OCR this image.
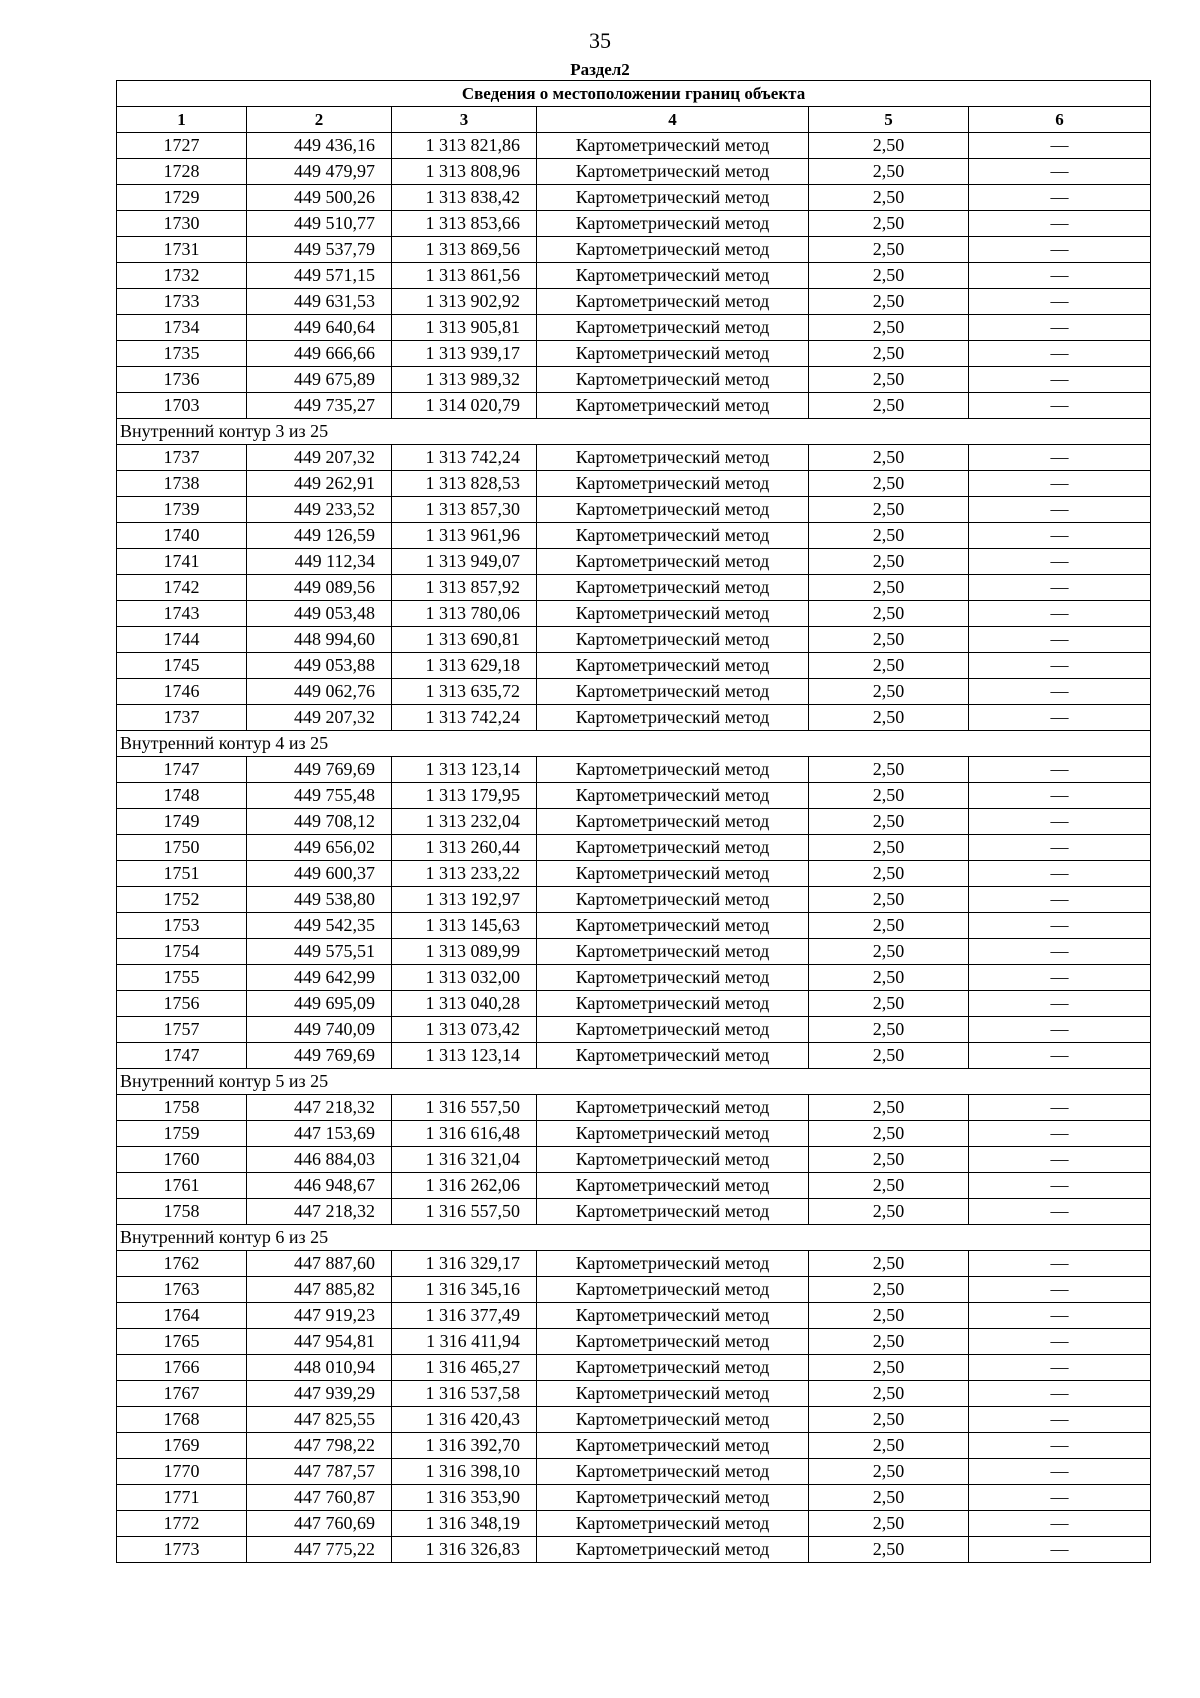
35
Раздел2
Сведения о местоположении границ объекта					
1	2	3	4	5	6
1727	449 436,16	1 313 821,86	Картометрический метод	2,50	—
1728	449 479,97	1 313 808,96	Картометрический метод	2,50	—
1729	449 500,26	1 313 838,42	Картометрический метод	2,50	—
1730	449 510,77	1 313 853,66	Картометрический метод	2,50	—
1731	449 537,79	1 313 869,56	Картометрический метод	2,50	—
1732	449 571,15	1 313 861,56	Картометрический метод	2,50	—
1733	449 631,53	1 313 902,92	Картометрический метод	2,50	—
1734	449 640,64	1 313 905,81	Картометрический метод	2,50	—
1735	449 666,66	1 313 939,17	Картометрический метод	2,50	—
1736	449 675,89	1 313 989,32	Картометрический метод	2,50	—
1703	449 735,27	1 314 020,79	Картометрический метод	2,50	—
Внутренний контур 3 из 25					
1737	449 207,32	1 313 742,24	Картометрический метод	2,50	—
1738	449 262,91	1 313 828,53	Картометрический метод	2,50	—
1739	449 233,52	1 313 857,30	Картометрический метод	2,50	—
1740	449 126,59	1 313 961,96	Картометрический метод	2,50	—
1741	449 112,34	1 313 949,07	Картометрический метод	2,50	—
1742	449 089,56	1 313 857,92	Картометрический метод	2,50	—
1743	449 053,48	1 313 780,06	Картометрический метод	2,50	—
1744	448 994,60	1 313 690,81	Картометрический метод	2,50	—
1745	449 053,88	1 313 629,18	Картометрический метод	2,50	—
1746	449 062,76	1 313 635,72	Картометрический метод	2,50	—
1737	449 207,32	1 313 742,24	Картометрический метод	2,50	—
Внутренний контур 4 из 25					
1747	449 769,69	1 313 123,14	Картометрический метод	2,50	—
1748	449 755,48	1 313 179,95	Картометрический метод	2,50	—
1749	449 708,12	1 313 232,04	Картометрический метод	2,50	—
1750	449 656,02	1 313 260,44	Картометрический метод	2,50	—
1751	449 600,37	1 313 233,22	Картометрический метод	2,50	—
1752	449 538,80	1 313 192,97	Картометрический метод	2,50	—
1753	449 542,35	1 313 145,63	Картометрический метод	2,50	—
1754	449 575,51	1 313 089,99	Картометрический метод	2,50	—
1755	449 642,99	1 313 032,00	Картометрический метод	2,50	—
1756	449 695,09	1 313 040,28	Картометрический метод	2,50	—
1757	449 740,09	1 313 073,42	Картометрический метод	2,50	—
1747	449 769,69	1 313 123,14	Картометрический метод	2,50	—
Внутренний контур 5 из 25					
1758	447 218,32	1 316 557,50	Картометрический метод	2,50	—
1759	447 153,69	1 316 616,48	Картометрический метод	2,50	—
1760	446 884,03	1 316 321,04	Картометрический метод	2,50	—
1761	446 948,67	1 316 262,06	Картометрический метод	2,50	—
1758	447 218,32	1 316 557,50	Картометрический метод	2,50	—
Внутренний контур 6 из 25					
1762	447 887,60	1 316 329,17	Картометрический метод	2,50	—
1763	447 885,82	1 316 345,16	Картометрический метод	2,50	—
1764	447 919,23	1 316 377,49	Картометрический метод	2,50	—
1765	447 954,81	1 316 411,94	Картометрический метод	2,50	—
1766	448 010,94	1 316 465,27	Картометрический метод	2,50	—
1767	447 939,29	1 316 537,58	Картометрический метод	2,50	—
1768	447 825,55	1 316 420,43	Картометрический метод	2,50	—
1769	447 798,22	1 316 392,70	Картометрический метод	2,50	—
1770	447 787,57	1 316 398,10	Картометрический метод	2,50	—
1771	447 760,87	1 316 353,90	Картометрический метод	2,50	—
1772	447 760,69	1 316 348,19	Картометрический метод	2,50	—
1773	447 775,22	1 316 326,83	Картометрический метод	2,50	—
